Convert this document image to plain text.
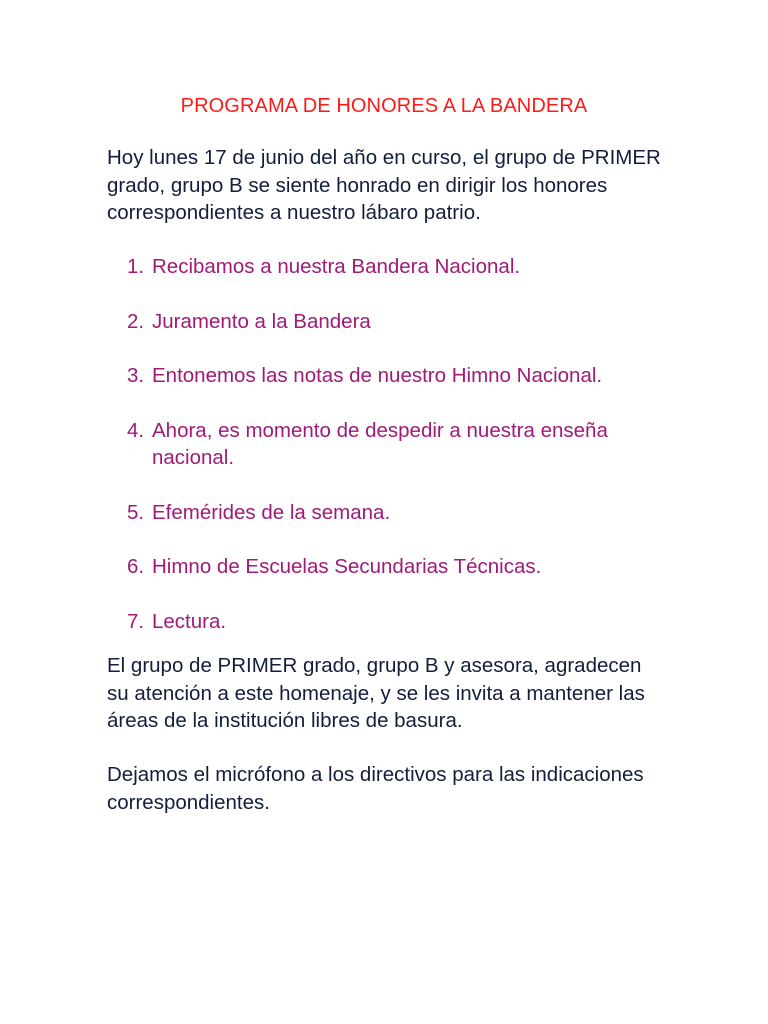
PROGRAMA DE HONORES A LA BANDERA

Hoy lunes 17 de junio del año en curso, el grupo de PRIMER grado, grupo B se siente honrado en dirigir los honores correspondientes a nuestro lábaro patrio.

1. Recibamos a nuestra Bandera Nacional.
2. Juramento a la Bandera
3. Entonemos las notas de nuestro Himno Nacional.
4. Ahora, es momento de despedir a nuestra enseña nacional.
5. Efemérides de la semana.
6. Himno de Escuelas Secundarias Técnicas.
7. Lectura.

El grupo de PRIMER grado, grupo B y asesora, agradecen su atención a este homenaje, y se les invita a mantener las áreas de la institución libres de basura.

Dejamos el micrófono a los directivos para las indicaciones correspondientes.
